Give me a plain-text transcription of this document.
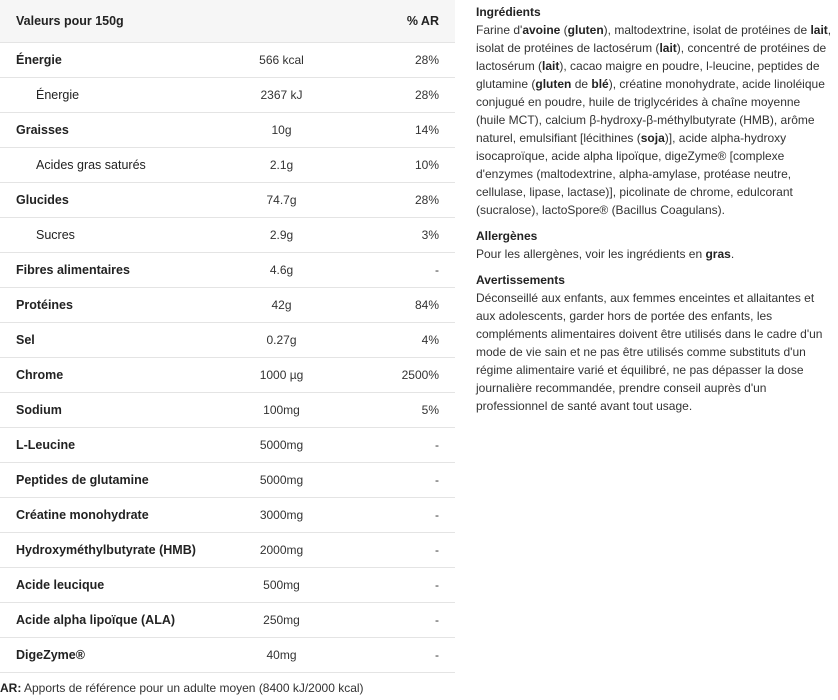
Valeurs pour 150g	% AR
Énergie	566 kcal	28%
Énergie	2367 kJ	28%
Graisses	10g	14%
Acides gras saturés	2.1g	10%
Glucides	74.7g	28%
Sucres	2.9g	3%
Fibres alimentaires	4.6g	-
Protéines	42g	84%
Sel	0.27g	4%
Chrome	1000 µg	2500%
Sodium	100mg	5%
L-Leucine	5000mg	-
Peptides de glutamine	5000mg	-
Créatine monohydrate	3000mg	-
Hydroxyméthylbutyrate (HMB)	2000mg	-
Acide leucique	500mg	-
Acide alpha lipoïque (ALA)	250mg	-
DigeZyme®	40mg	-
AR: Apports de référence pour un adulte moyen (8400 kJ/2000 kcal)
Ingrédients

Farine d'avoine (gluten), maltodextrine, isolat de protéines de lait, isolat de protéines de lactosérum (lait), concentré de protéines de lactosérum (lait), cacao maigre en poudre, l-leucine, peptides de glutamine (gluten de blé), créatine monohydrate, acide linoléique conjugué en poudre, huile de triglycérides à chaîne moyenne (huile MCT), calcium β-hydroxy-β-méthylbutyrate (HMB), arôme naturel, emulsifiant [lécithines (soja)], acide alpha-hydroxy isocaproïque, acide alpha lipoïque, digeZyme® [complexe d'enzymes (maltodextrine, alpha-amylase, protéase neutre, cellulase, lipase, lactase)], picolinate de chrome, edulcorant (sucralose), lactoSpore® (Bacillus Coagulans).

Allergènes

Pour les allergènes, voir les ingrédients en gras.

Avertissements

Déconseillé aux enfants, aux femmes enceintes et allaitantes et aux adolescents, garder hors de portée des enfants, les compléments alimentaires doivent être utilisés dans le cadre d'un mode de vie sain et ne pas être utilisés comme substituts d'un régime alimentaire varié et équilibré, ne pas dépasser la dose journalière recommandée, prendre conseil auprès d'un professionnel de santé avant tout usage.
